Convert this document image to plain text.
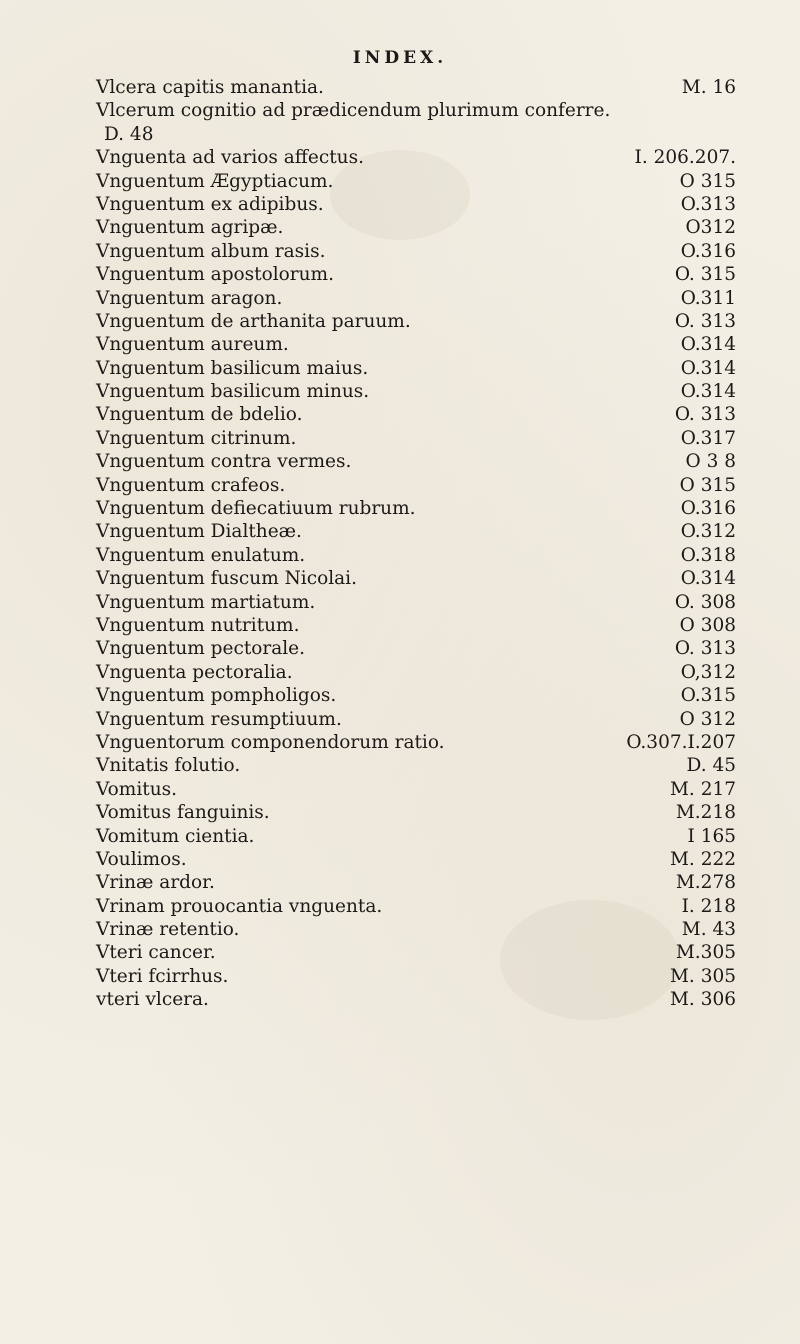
INDEX.
Vlcera capitis manantia.	M. 16
Vlcerum cognitio ad prædicendum plurimum conferre.
D. 48
Vnguenta ad varios affectus.	I. 206.207.
Vnguentum Ægyptiacum.	O 315
Vnguentum ex adipibus.	O.313
Vnguentum agripæ.	O312
Vnguentum album rasis.	O.316
Vnguentum apostolorum.	O. 315
Vnguentum aragon.	O.311
Vnguentum de arthanita paruum.	O. 313
Vnguentum aureum.	O.314
Vnguentum basilicum maius.	O.314
Vnguentum basilicum minus.	O.314
Vnguentum de bdelio.	O. 313
Vnguentum citrinum.	O.317
Vnguentum contra vermes.	O 3 8
Vnguentum crafeos.	O 315
Vnguentum defiecatiuum rubrum.	O.316
Vnguentum Dialtheæ.	O.312
Vnguentum enulatum.	O.318
Vnguentum fuscum Nicolai.	O.314
Vnguentum martiatum.	O. 308
Vnguentum nutritum.	O 308
Vnguentum pectorale.	O. 313
Vnguenta pectoralia.	O,312
Vnguentum pompholigos.	O.315
Vnguentum resumptiuum.	O 312
Vnguentorum componendorum ratio.	O.307.I.207
Vnitatis folutio.	D. 45
Vomitus.	M. 217
Vomitus fanguinis.	M.218
Vomitum cientia.	I 165
Voulimos.	M. 222
Vrinæ ardor.	M.278
Vrinam prouocantia vnguenta.	I. 218
Vrinæ retentio.	M. 43
Vteri cancer.	M.305
Vteri fcirrhus.	M. 305
vteri vlcera.	M. 306
